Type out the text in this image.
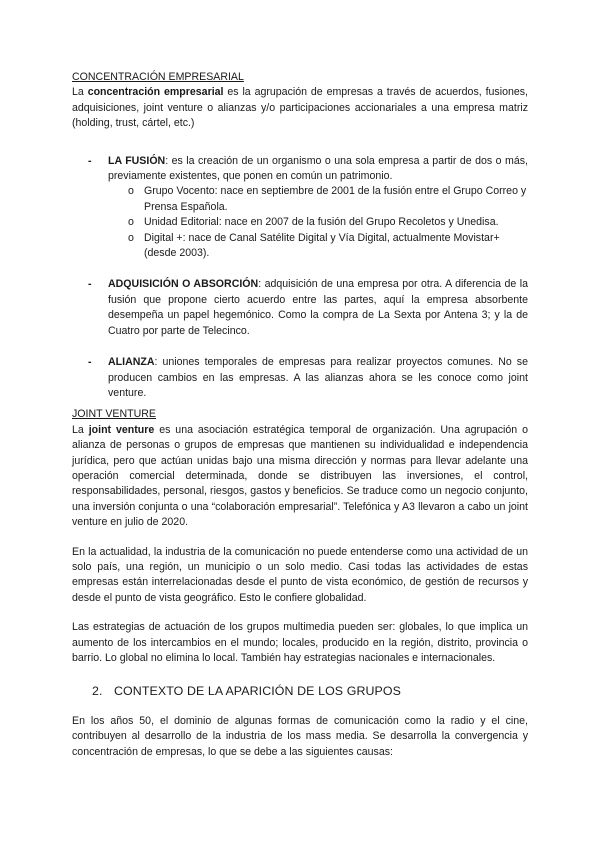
CONCENTRACIÓN EMPRESARIAL

La concentración empresarial es la agrupación de empresas a través de acuerdos, fusiones, adquisiciones, joint venture o alianzas y/o participaciones accionariales a una empresa matriz (holding, trust, cártel, etc.)

- LA FUSIÓN: es la creación de un organismo o una sola empresa a partir de dos o más, previamente existentes, que ponen en común un patrimonio.

o Grupo Vocento: nace en septiembre de 2001 de la fusión entre el Grupo Correo y Prensa Española.

o Unidad Editorial: nace en 2007 de la fusión del Grupo Recoletos y Unedisa.

o Digital +: nace de Canal Satélite Digital y Vía Digital, actualmente Movistar+ (desde 2003).

- ADQUISICIÓN O ABSORCIÓN: adquisición de una empresa por otra. A diferencia de la fusión que propone cierto acuerdo entre las partes, aquí la empresa absorbente desempeña un papel hegemónico. Como la compra de La Sexta por Antena 3; y la de Cuatro por parte de Telecinco.

- ALIANZA: uniones temporales de empresas para realizar proyectos comunes. No se producen cambios en las empresas. A las alianzas ahora se les conoce como joint venture.

JOINT VENTURE

La joint venture es una asociación estratégica temporal de organización. Una agrupación o alianza de personas o grupos de empresas que mantienen su individualidad e independencia jurídica, pero que actúan unidas bajo una misma dirección y normas para llevar adelante una operación comercial determinada, donde se distribuyen las inversiones, el control, responsabilidades, personal, riesgos, gastos y beneficios. Se traduce como un negocio conjunto, una inversión conjunta o una “colaboración empresarial”. Telefónica y A3 llevaron a cabo un joint venture en julio de 2020.

En la actualidad, la industria de la comunicación no puede entenderse como una actividad de un solo país, una región, un municipio o un solo medio. Casi todas las actividades de estas empresas están interrelacionadas desde el punto de vista económico, de gestión de recursos y desde el punto de vista geográfico. Esto le confiere globalidad.

Las estrategias de actuación de los grupos multimedia pueden ser: globales, lo que implica un aumento de los intercambios en el mundo; locales, producido en la región, distrito, provincia o barrio. Lo global no elimina lo local. También hay estrategias nacionales e internacionales.

2. CONTEXTO DE LA APARICIÓN DE LOS GRUPOS

En los años 50, el dominio de algunas formas de comunicación como la radio y el cine, contribuyen al desarrollo de la industria de los mass media. Se desarrolla la convergencia y concentración de empresas, lo que se debe a las siguientes causas:
